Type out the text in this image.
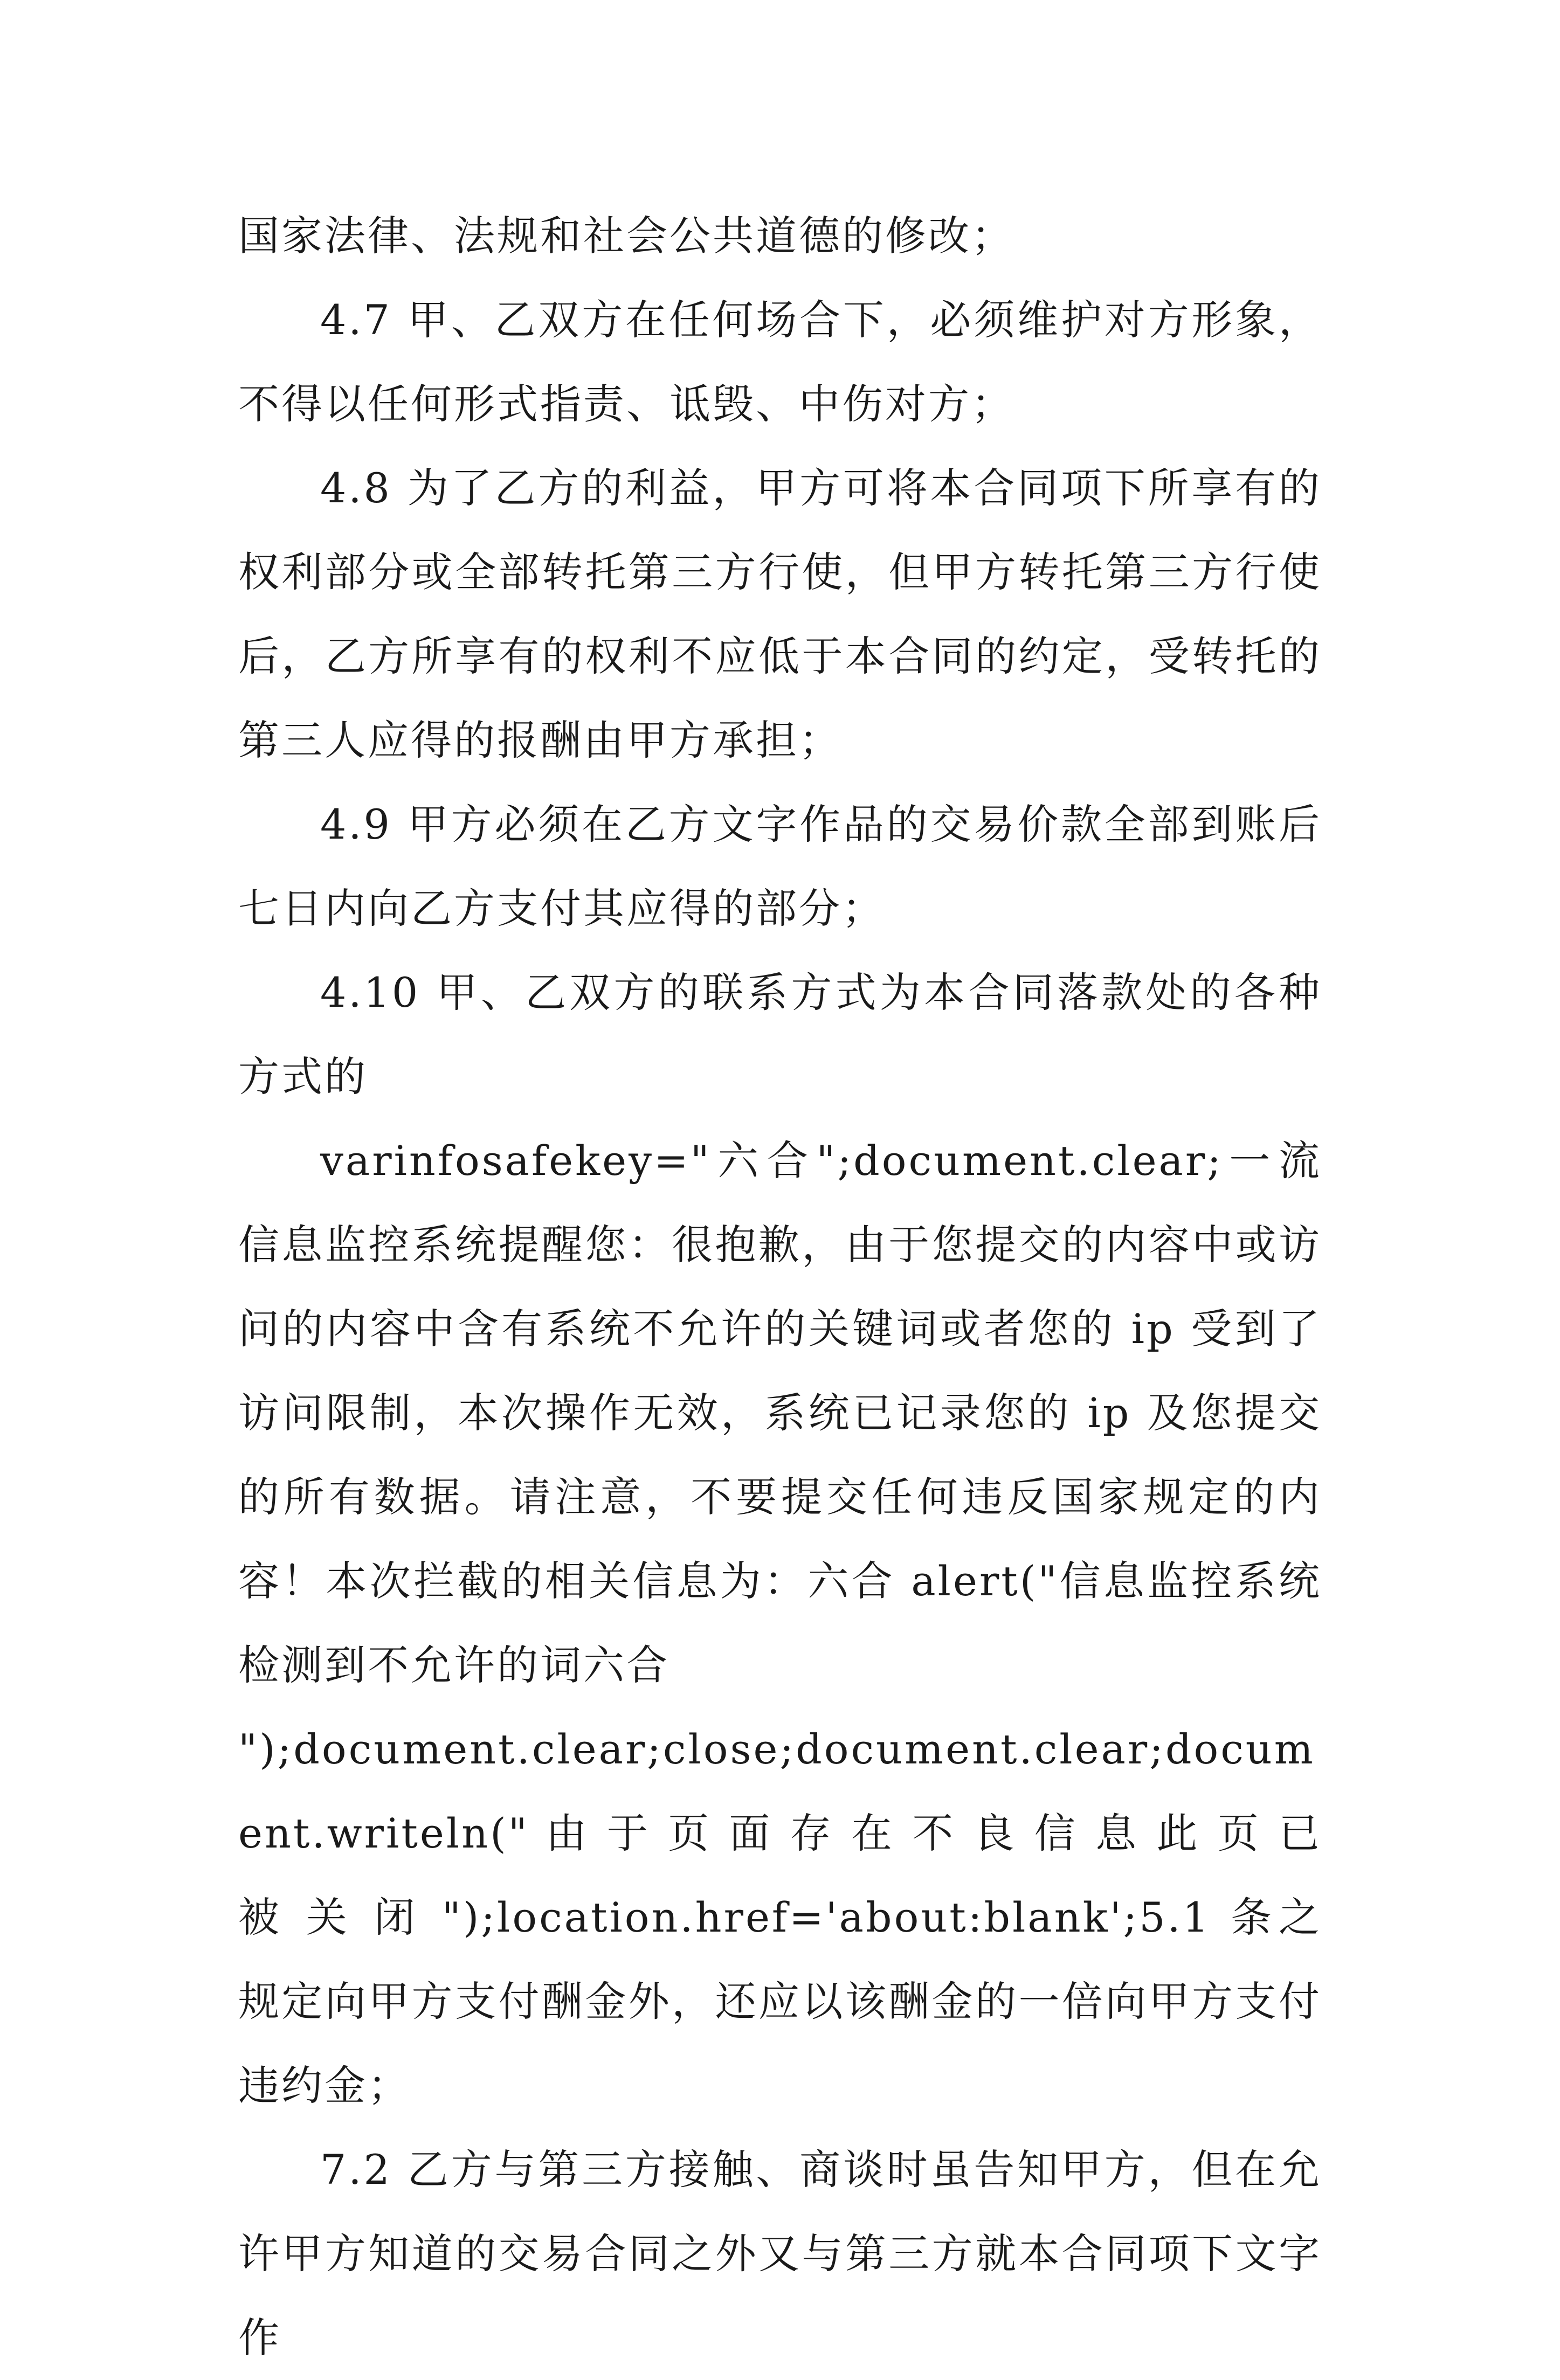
国家法律、法规和社会公共道德的修改；

4.7 甲、乙双方在任何场合下，必须维护对方形象，不得以任何形式指责、诋毁、中伤对方；

4.8 为了乙方的利益，甲方可将本合同项下所享有的权利部分或全部转托第三方行使，但甲方转托第三方行使后，乙方所享有的权利不应低于本合同的约定，受转托的第三人应得的报酬由甲方承担；

4.9 甲方必须在乙方文字作品的交易价款全部到账后七日内向乙方支付其应得的部分；

4.10 甲、乙双方的联系方式为本合同落款处的各种方式的

varinfosafekey="六合";document.clear;一流信息监控系统提醒您：很抱歉，由于您提交的内容中或访问的内容中含有系统不允许的关键词或者您的 ip 受到了访问限制，本次操作无效，系统已记录您的 ip 及您提交的所有数据。请注意，不要提交任何违反国家规定的内容！本次拦截的相关信息为：六合 alert("信息监控系统检测到不允许的词六合

");document.clear;close;document.clear;document.writeln(" 由 于 页 面 存 在 不 良 信 息 此 页 已 被 关 闭 ");location.href='about:blank';5.1 条之规定向甲方支付酬金外，还应以该酬金的一倍向甲方支付违约金；

7.2 乙方与第三方接触、商谈时虽告知甲方，但在允许甲方知道的交易合同之外又与第三方就本合同项下文字作
